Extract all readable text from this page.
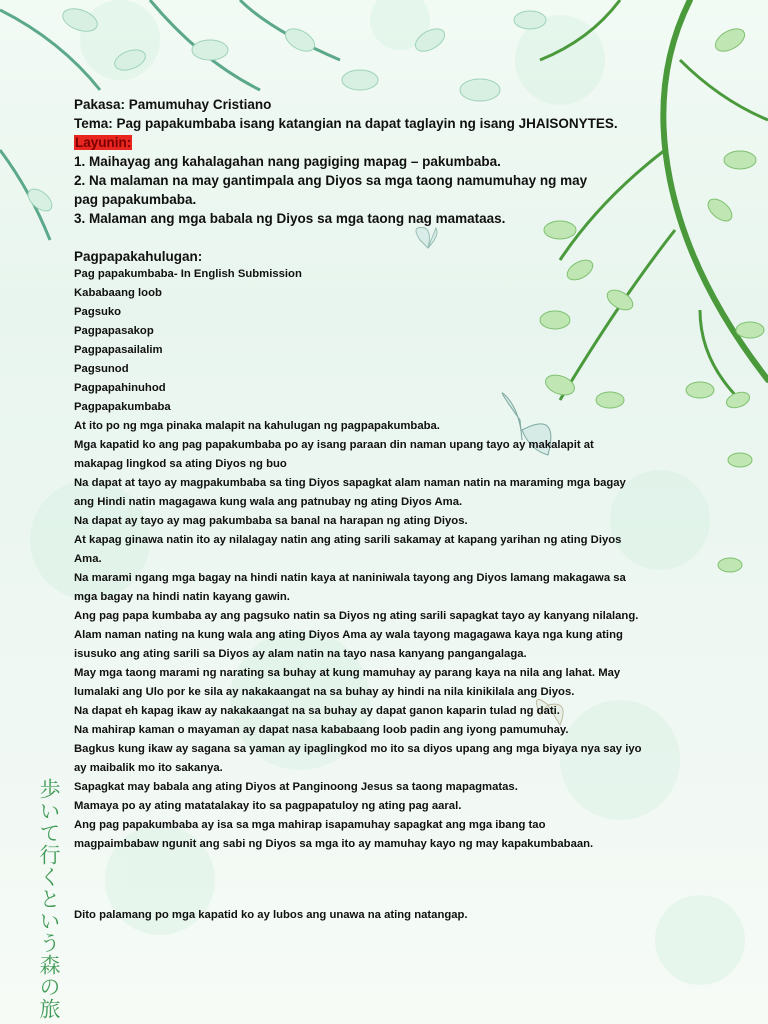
Pakasa: Pamumuhay Cristiano
Tema: Pag papakumbaba isang katangian na dapat taglayin ng isang JHAISONYTES.
Layunin:
1. Maihayag ang kahalagahan nang pagiging mapag – pakumbaba.
2. Na malaman na may gantimpala ang Diyos sa mga taong namumuhay ng may
pag papakumbaba.
3. Malaman ang mga babala ng Diyos sa mga taong nag mamataas.
Pagpapakahulugan:
Pag papakumbaba- In English Submission
Kababaang loob
Pagsuko
Pagpapasakop
Pagpapasailalim
Pagsunod
Pagpapahinuhod
Pagpapakumbaba
At ito po ng mga pinaka malapit na kahulugan ng pagpapakumbaba.
Mga kapatid ko ang pag papakumbaba po ay isang paraan din naman upang tayo ay makalapit at
makapag lingkod sa ating Diyos ng buo
Na dapat at tayo ay magpakumbaba sa ting Diyos sapagkat alam naman natin na maraming mga bagay
ang Hindi natin magagawa kung wala ang patnubay ng ating Diyos Ama.
Na dapat ay tayo ay mag pakumbaba sa banal na harapan ng ating Diyos.
At kapag ginawa natin ito ay nilalagay natin ang ating sarili sakamay at kapang yarihan ng ating Diyos
Ama.
Na marami ngang mga bagay na hindi natin kaya at naniniwala tayong ang Diyos lamang makagawa sa
mga bagay na hindi natin kayang gawin.
Ang pag papa kumbaba ay ang pagsuko natin sa Diyos ng ating sarili sapagkat tayo ay kanyang nilalang.
Alam naman nating na kung wala ang ating Diyos Ama ay wala tayong magagawa kaya nga kung ating
isusuko ang ating sarili sa Diyos ay alam natin na tayo nasa kanyang pangangalaga.
May mga taong marami ng narating sa buhay at kung mamuhay ay parang kaya na nila ang lahat. May
lumalaki ang Ulo por ke sila ay nakakaangat na sa buhay ay hindi na nila kinikilala ang Diyos.
Na dapat eh kapag ikaw ay nakakaangat na sa buhay ay dapat ganon kaparin tulad ng dati.
Na mahirap kaman o mayaman ay dapat nasa kababaang loob padin ang iyong pamumuhay.
Bagkus kung ikaw ay sagana sa yaman ay ipaglingkod mo ito sa diyos upang ang mga biyaya nya say iyo
ay maibalik mo ito sakanya.
Sapagkat may babala ang ating Diyos at Panginoong Jesus sa taong mapagmatas.
Mamaya po ay ating matatalakay ito sa pagpapatuloy ng ating pag aaral.
Ang pag papakumbaba ay isa sa mga mahirap isapamuhay sapagkat ang mga ibang tao
magpaimbabaw ngunit ang sabi ng Diyos sa mga ito ay mamuhay kayo ng may kapakumbabaan.
Dito palamang po mga kapatid ko ay lubos ang unawa na ating natangap.
歩いて行くという森の旅
